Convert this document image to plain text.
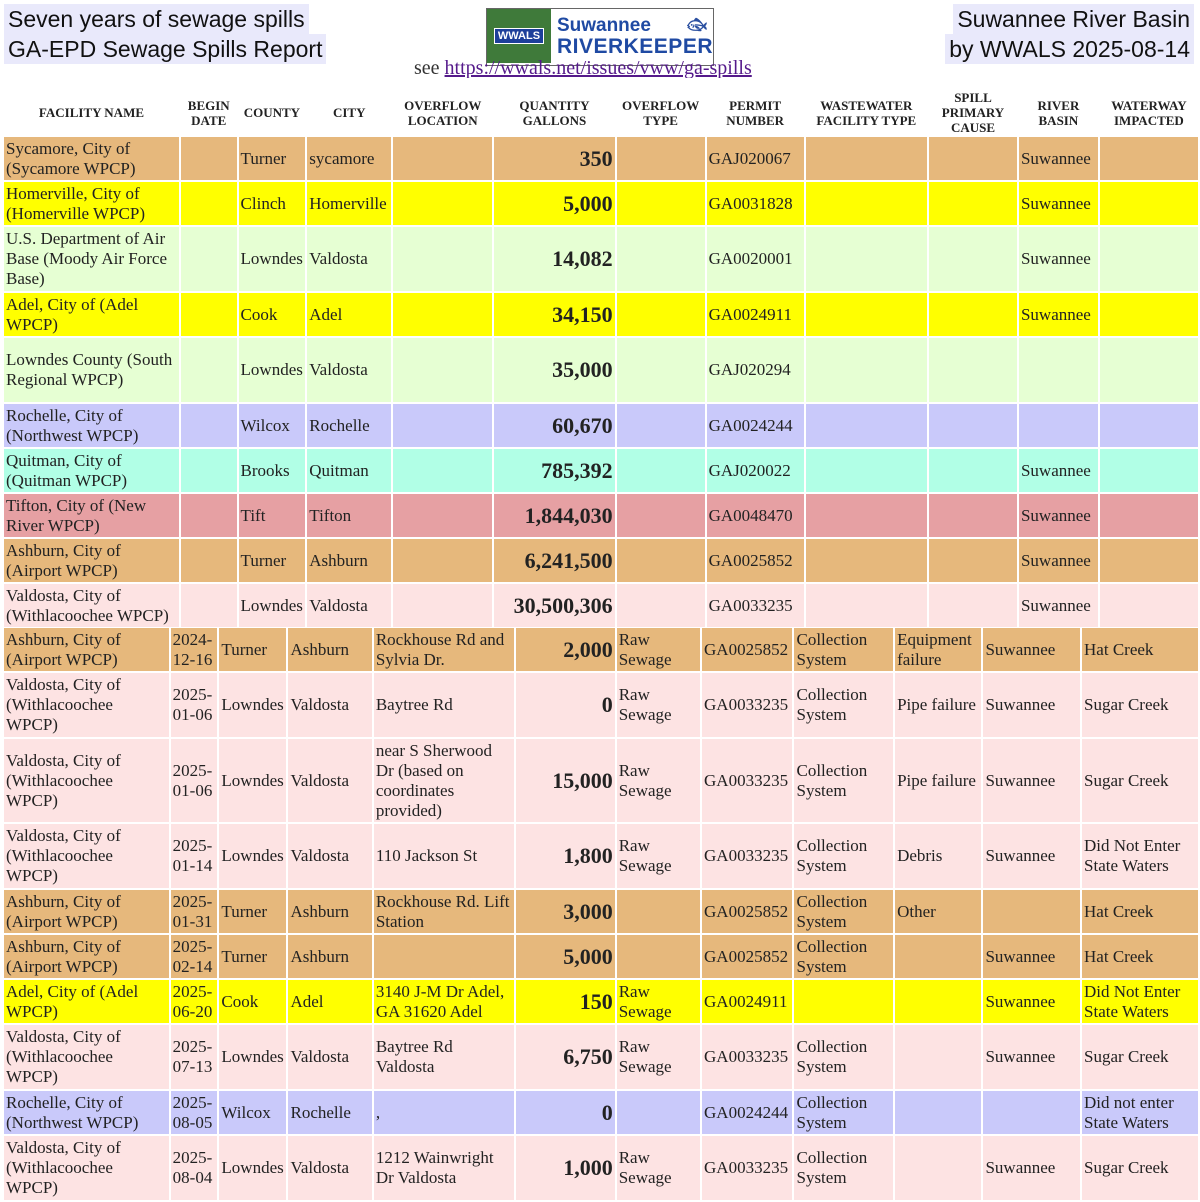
Seven years of sewage spills
GA-EPD Sewage Spills Report	WWALS Suwannee
RIVERKEEPER
🐟︎	Suwannee River Basin
by WWALS 2025-08-14
see https://wwals.net/issues/vww/ga-spills
FACILITY NAME	BEGIN DATE	COUNTY	CITY	OVERFLOW LOCATION	QUANTITY GALLONS	OVERFLOW TYPE	PERMIT NUMBER	WASTEWATER FACILITY TYPE	SPILL PRIMARY CAUSE	RIVER BASIN	WATERWAY IMPACTED
Sycamore, City of (Sycamore WPCP)		Turner	sycamore		350		GAJ020067			Suwannee	
Homerville, City of (Homerville WPCP)		Clinch	Homerville		5,000		GA0031828			Suwannee	
U.S. Department of Air Base (Moody Air Force Base)		Lowndes	Valdosta		14,082		GA0020001			Suwannee	
Adel, City of (Adel WPCP)		Cook	Adel		34,150		GA0024911			Suwannee	
Lowndes County (South Regional WPCP)		Lowndes	Valdosta		35,000		GAJ020294				
Rochelle, City of (Northwest WPCP)		Wilcox	Rochelle		60,670		GA0024244				
Quitman, City of (Quitman WPCP)		Brooks	Quitman		785,392		GAJ020022			Suwannee	
Tifton, City of (New River WPCP)		Tift	Tifton		1,844,030		GA0048470			Suwannee	
Ashburn, City of (Airport WPCP)		Turner	Ashburn		6,241,500		GA0025852			Suwannee	
Valdosta, City of (Withlacoochee WPCP)		Lowndes	Valdosta		30,500,306		GA0033235			Suwannee	
Ashburn, City of (Airport WPCP)	2024-12-16	Turner	Ashburn	Rockhouse Rd and Sylvia Dr.	2,000	Raw Sewage	GA0025852	Collection System	Equipment failure	Suwannee	Hat Creek
Valdosta, City of (Withlacoochee WPCP)	2025-01-06	Lowndes	Valdosta	Baytree Rd	0	Raw Sewage	GA0033235	Collection System	Pipe failure	Suwannee	Sugar Creek
Valdosta, City of (Withlacoochee WPCP)	2025-01-06	Lowndes	Valdosta	near S Sherwood Dr (based on coordinates provided)	15,000	Raw Sewage	GA0033235	Collection System	Pipe failure	Suwannee	Sugar Creek
Valdosta, City of (Withlacoochee WPCP)	2025-01-14	Lowndes	Valdosta	110 Jackson St	1,800	Raw Sewage	GA0033235	Collection System	Debris	Suwannee	Did Not Enter State Waters
Ashburn, City of (Airport WPCP)	2025-01-31	Turner	Ashburn	Rockhouse Rd. Lift Station	3,000		GA0025852	Collection System	Other		Hat Creek
Ashburn, City of (Airport WPCP)	2025-02-14	Turner	Ashburn		5,000		GA0025852	Collection System		Suwannee	Hat Creek
Adel, City of (Adel WPCP)	2025-06-20	Cook	Adel	3140 J-M Dr Adel, GA 31620 Adel	150	Raw Sewage	GA0024911			Suwannee	Did Not Enter State Waters
Valdosta, City of (Withlacoochee WPCP)	2025-07-13	Lowndes	Valdosta	Baytree Rd Valdosta	6,750	Raw Sewage	GA0033235	Collection System		Suwannee	Sugar Creek
Rochelle, City of (Northwest WPCP)	2025-08-05	Wilcox	Rochelle	,	0		GA0024244	Collection System			Did not enter State Waters
Valdosta, City of (Withlacoochee WPCP)	2025-08-04	Lowndes	Valdosta	1212 Wainwright Dr Valdosta	1,000	Raw Sewage	GA0033235	Collection System		Suwannee	Sugar Creek
